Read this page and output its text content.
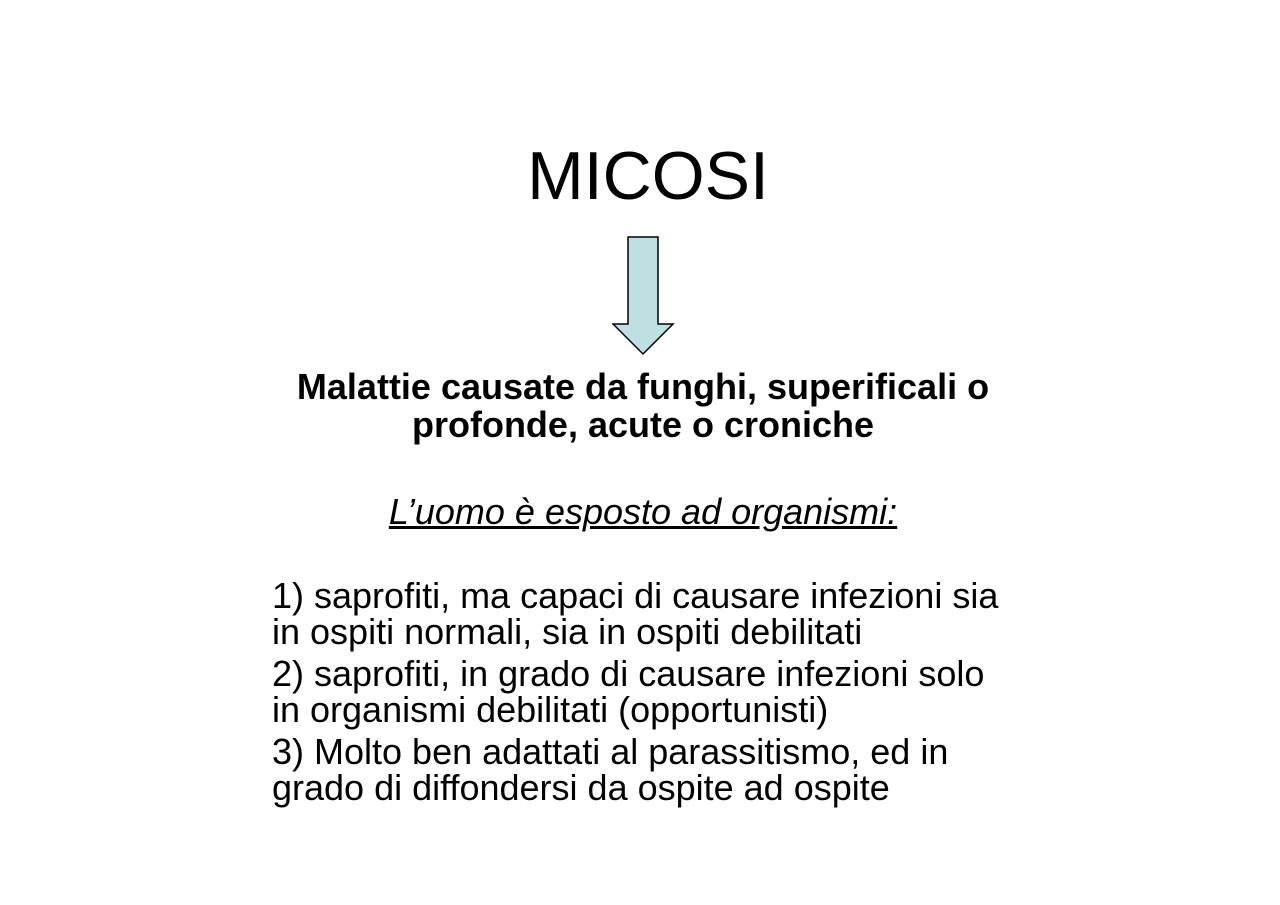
MICOSI

Malattie causate da funghi, superificali o profonde, acute o croniche

L’uomo è esposto ad organismi:

1) saprofiti, ma capaci di causare infezioni sia
in ospiti normali, sia in ospiti debilitati
2) saprofiti, in grado di causare infezioni solo
in organismi debilitati (opportunisti)
3) Molto ben adattati al parassitismo, ed in
grado di diffondersi da ospite ad ospite
